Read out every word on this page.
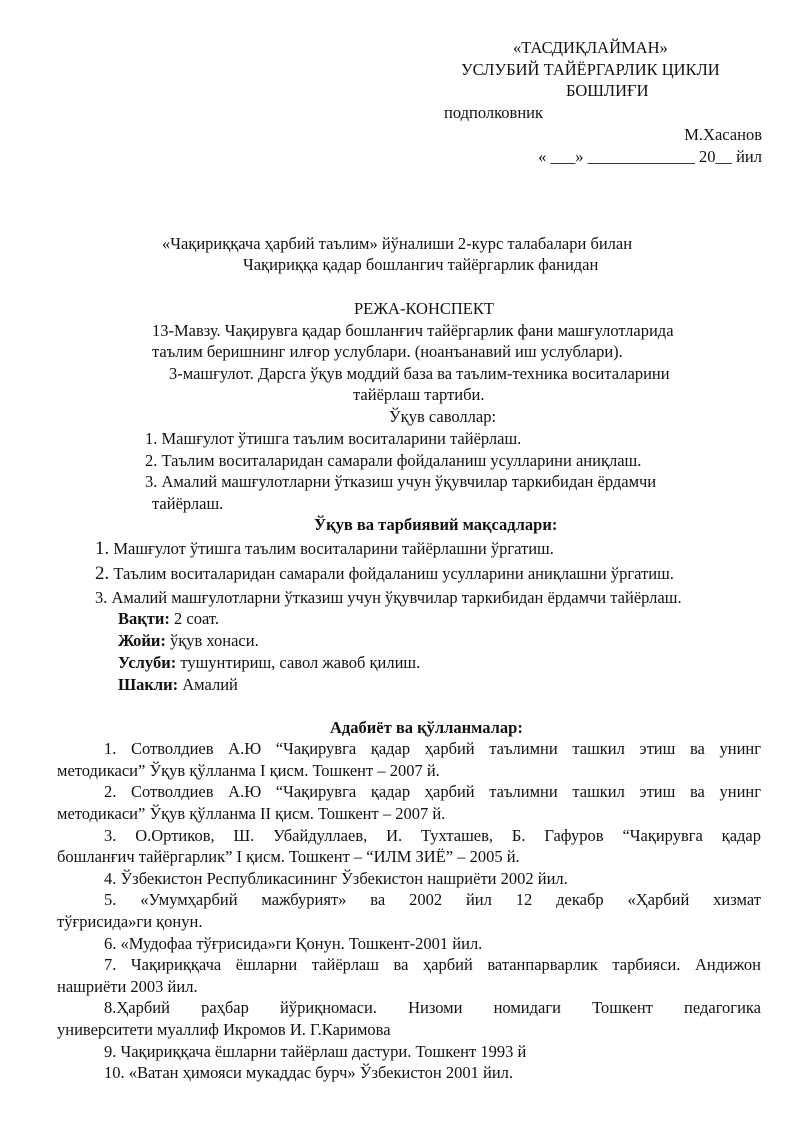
«ТАСДИҚЛАЙМАН»
УСЛУБИЙ ТАЙЁРГАРЛИК ЦИКЛИ
БОШЛИҒИ
подполковник
М.Хасанов
« ___» _____________ 20__ йил
«Чақириққача ҳарбий таълим» йўналиши 2-курс талабалари билан
Чақириққа қадар бошлангич тайёргарлик фанидан
РЕЖА-КОНСПЕКТ
13-Мавзу. Чақирувга қадар бошланғич тайёргарлик фани машғулотларида
таълим беришнинг илғор услублари. (ноанъанавий иш услублари).
3-машғулот. Дарсга ўқув моддий база ва таълим-техника воситаларини
тайёрлаш тартиби.
Ўқув саволлар:
1. Машғулот ўтишга таълим воситаларини тайёрлаш.
2. Таълим воситаларидан самарали фойдаланиш усулларини аниқлаш.
3. Амалий машғулотларни ўтказиш учун ўқувчилар таркибидан ёрдамчи
тайёрлаш.
Ўқув ва тарбиявий мақсадлари:
1. Машғулот ўтишга таълим воситаларини тайёрлашни ўргатиш.
2. Таълим воситаларидан самарали фойдаланиш усулларини аниқлашни ўргатиш.
3. Амалий машғулотларни ўтказиш учун ўқувчилар таркибидан ёрдамчи тайёрлаш.
Вақти: 2 соат.
Жойи: ўқув хонаси.
Услуби: тушунтириш, савол жавоб қилиш.
Шакли: Амалий
Адабиёт ва қўлланмалар:
1. Сотволдиев А.Ю “Чақирувга қадар ҳарбий таълимни ташкил этиш ва унинг
методикаси” Ўқув қўлланма I қисм. Тошкент – 2007 й.
2. Сотволдиев А.Ю “Чақирувга қадар ҳарбий таълимни ташкил этиш ва унинг
методикаси” Ўқув қўлланма II қисм. Тошкент – 2007 й.
3. О.Ортиков, Ш. Убайдуллаев, И. Тухташев, Б. Гафуров “Чақирувга қадар
бошланғич тайёргарлик” I қисм. Тошкент – “ИЛМ ЗИЁ” – 2005 й.
4. Ўзбекистон Республикасининг Ўзбекистон нашриёти 2002 йил.
5. «Умумҳарбий мажбурият» ва 2002 йил 12 декабр «Ҳарбий хизмат
тўғрисида»ги қонун.
6. «Мудофаа тўғрисида»ги Қонун. Тошкент-2001 йил.
7. Чақириққача ёшларни тайёрлаш ва ҳарбий ватанпарварлик тарбияси. Андижон
нашриёти 2003 йил.
8.Ҳарбий раҳбар йўриқномаси. Низоми номидаги Тошкент педагогика
университети муаллиф Икромов И. Г.Каримова
9. Чақириққача ёшларни тайёрлаш дастури. Тошкент 1993 й
10. «Ватан ҳимояси мукаддас бурч» Ўзбекистон 2001 йил.
